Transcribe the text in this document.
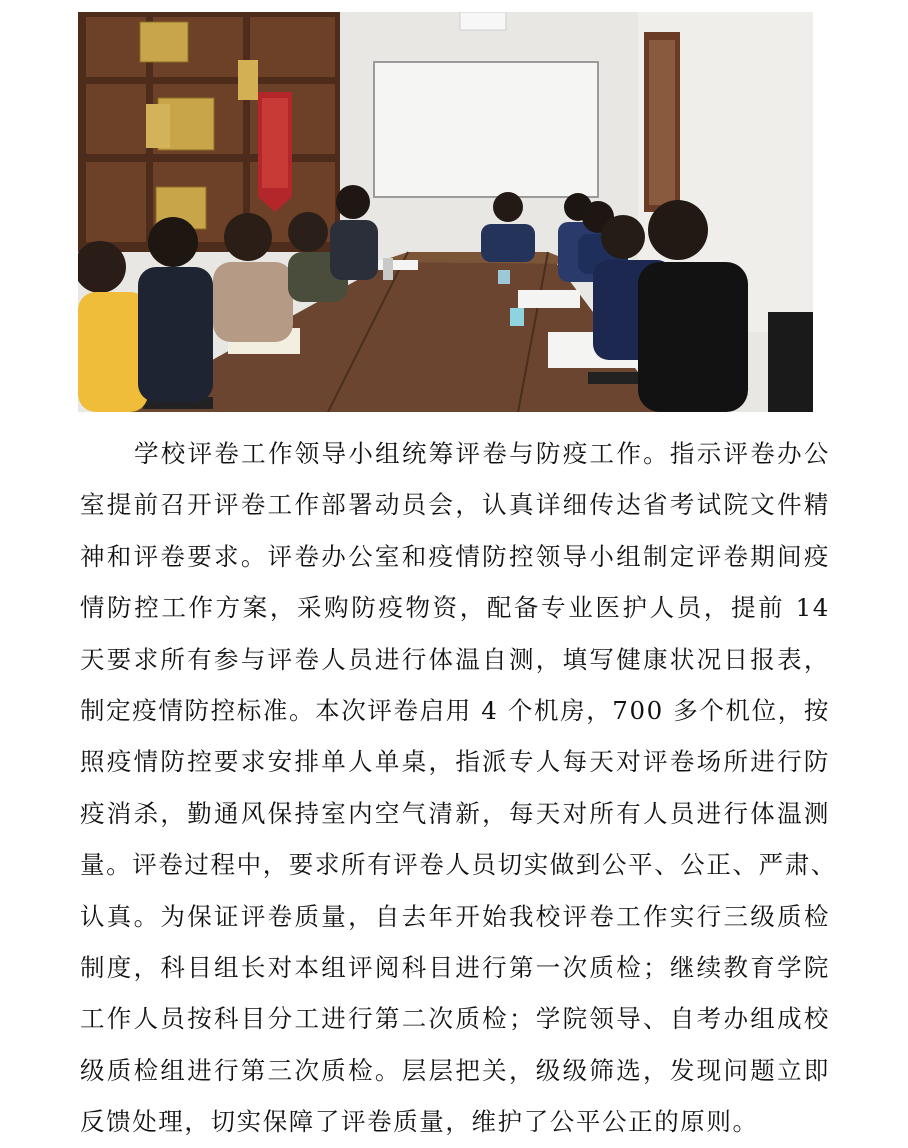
学校评卷工作领导小组统筹评卷与防疫工作。指示评卷办公
室提前召开评卷工作部署动员会，认真详细传达省考试院文件精
神和评卷要求。评卷办公室和疫情防控领导小组制定评卷期间疫
情防控工作方案，采购防疫物资，配备专业医护人员，提前 14
天要求所有参与评卷人员进行体温自测，填写健康状况日报表，
制定疫情防控标准。本次评卷启用 4 个机房，700 多个机位，按
照疫情防控要求安排单人单桌，指派专人每天对评卷场所进行防
疫消杀，勤通风保持室内空气清新，每天对所有人员进行体温测
量。评卷过程中，要求所有评卷人员切实做到公平、公正、严肃、
认真。为保证评卷质量，自去年开始我校评卷工作实行三级质检
制度，科目组长对本组评阅科目进行第一次质检；继续教育学院
工作人员按科目分工进行第二次质检；学院领导、自考办组成校
级质检组进行第三次质检。层层把关，级级筛选，发现问题立即
反馈处理，切实保障了评卷质量，维护了公平公正的原则。
